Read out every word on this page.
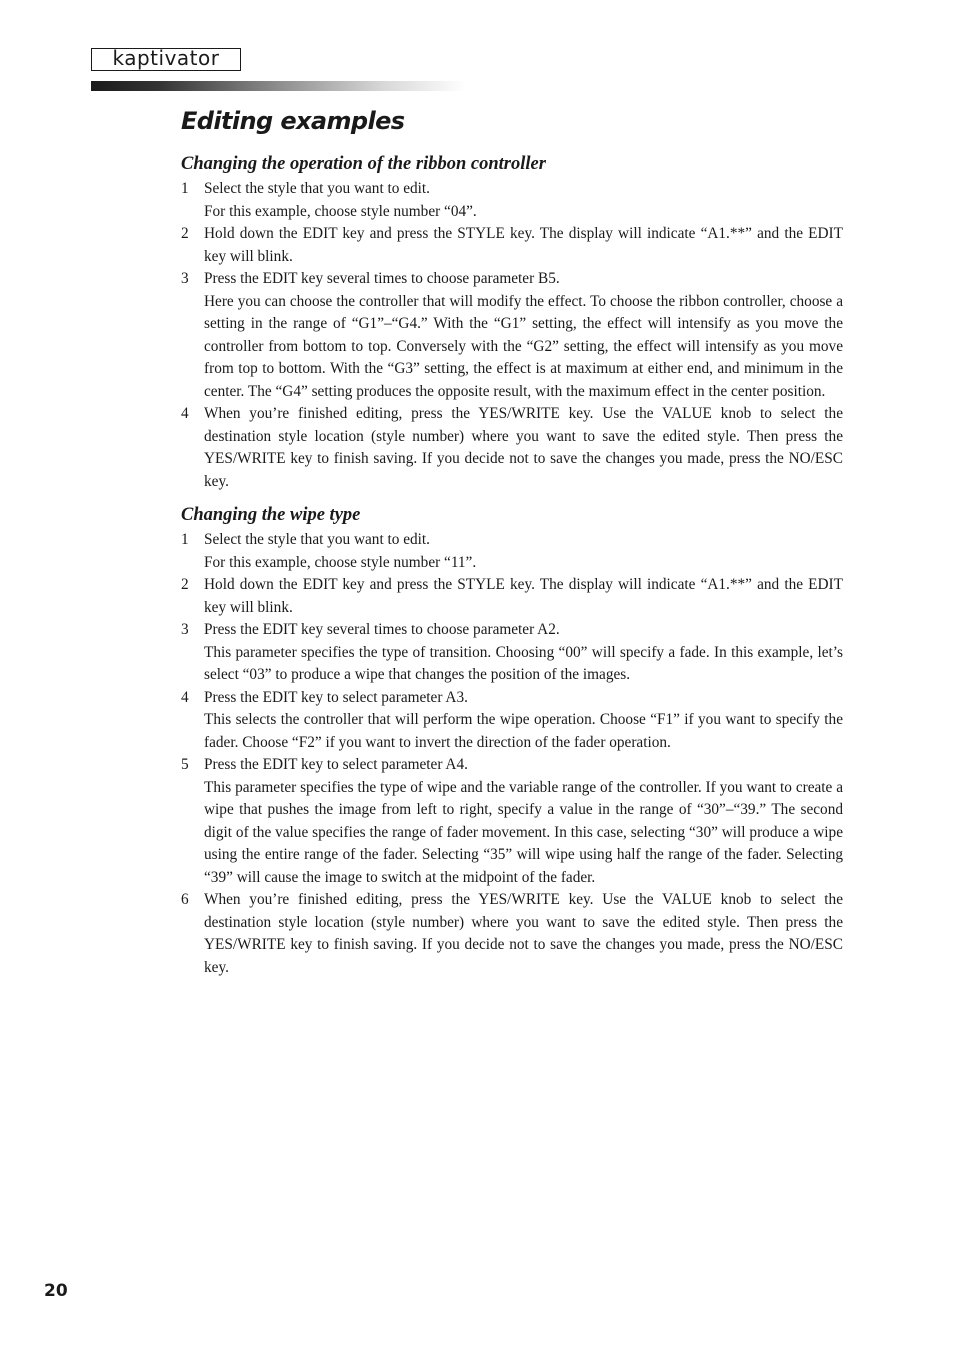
kaptivator
Editing examples
Changing the operation of the ribbon controller
1 Select the style that you want to edit.

For this example, choose style number “04”.

2 Hold down the EDIT key and press the STYLE key. The display will indicate “A1.**” and the EDIT key will blink.

3 Press the EDIT key several times to choose parameter B5.

Here you can choose the controller that will modify the effect. To choose the ribbon controller, choose a setting in the range of “G1”–“G4.” With the “G1” setting, the effect will intensify as you move the controller from bottom to top. Conversely with the “G2” setting, the effect will intensify as you move from top to bottom. With the “G3” setting, the effect is at maximum at either end, and minimum in the center. The “G4” setting produces the opposite result, with the maximum effect in the center position.

4 When you’re finished editing, press the YES/WRITE key. Use the VALUE knob to select the destination style location (style number) where you want to save the edited style. Then press the YES/WRITE key to finish saving. If you decide not to save the changes you made, press the NO/ESC key.

Changing the wipe type
1 Select the style that you want to edit.

For this example, choose style number “11”.

2 Hold down the EDIT key and press the STYLE key. The display will indicate “A1.**” and the EDIT key will blink.

3 Press the EDIT key several times to choose parameter A2.

This parameter specifies the type of transition. Choosing “00” will specify a fade. In this example, let’s select “03” to produce a wipe that changes the position of the images.

4 Press the EDIT key to select parameter A3.

This selects the controller that will perform the wipe operation. Choose “F1” if you want to specify the fader. Choose “F2” if you want to invert the direction of the fader operation.

5 Press the EDIT key to select parameter A4.

This parameter specifies the type of wipe and the variable range of the controller. If you want to create a wipe that pushes the image from left to right, specify a value in the range of “30”–“39.” The second digit of the value specifies the range of fader movement. In this case, selecting “30” will produce a wipe using the entire range of the fader. Selecting “35” will wipe using half the range of the fader. Selecting “39” will cause the image to switch at the midpoint of the fader.

6 When you’re finished editing, press the YES/WRITE key. Use the VALUE knob to select the destination style location (style number) where you want to save the edited style. Then press the YES/WRITE key to finish saving. If you decide not to save the changes you made, press the NO/ESC key.

20
